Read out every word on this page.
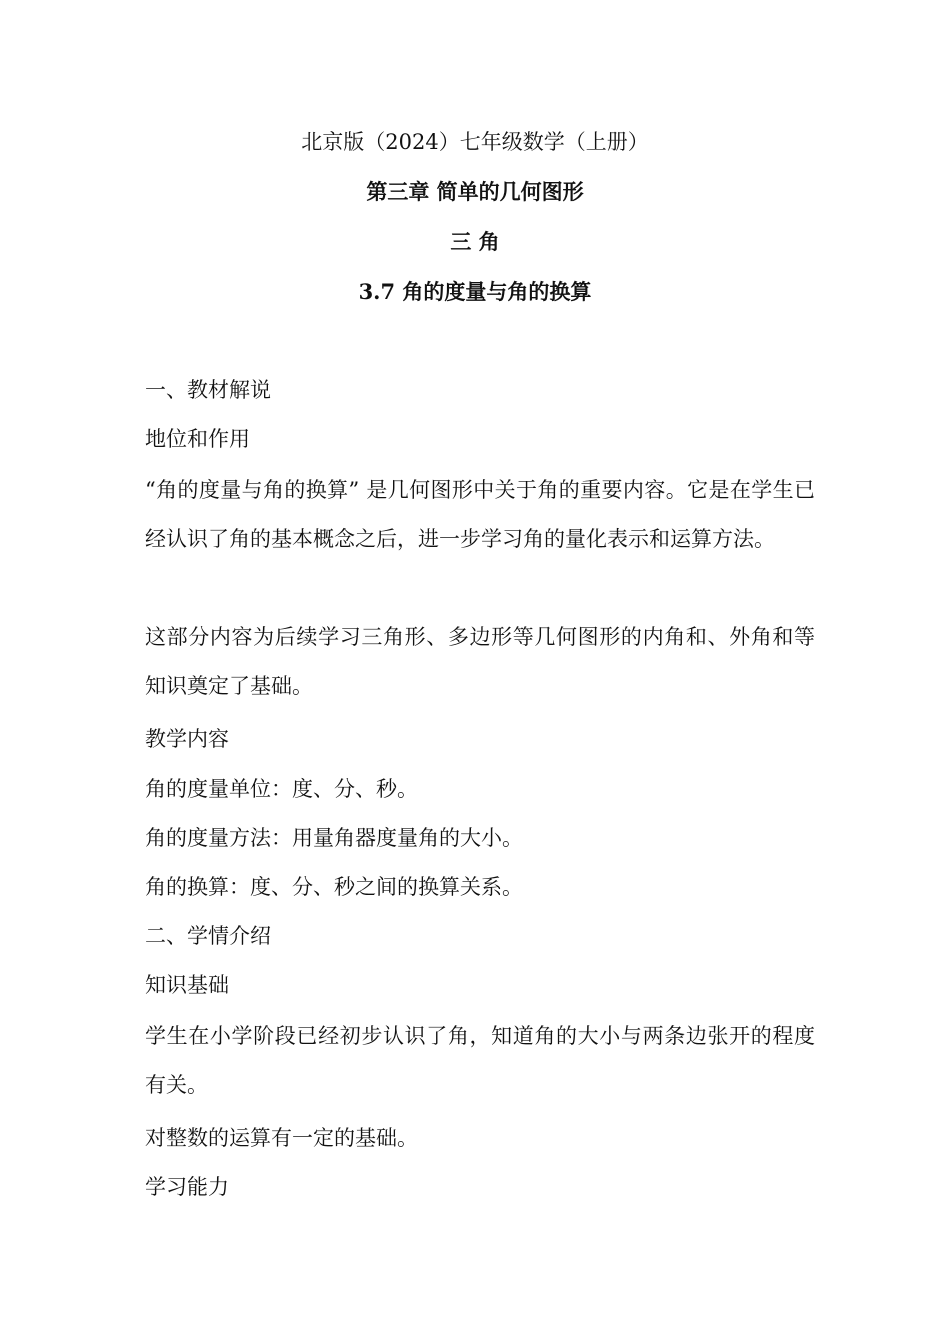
北京版（2024）七年级数学（上册）
第三章 简单的几何图形
三 角
3.7 角的度量与角的换算
一、教材解说
地位和作用
“角的度量与角的换算” 是几何图形中关于角的重要内容。它是在学生已经认识了角的基本概念之后，进一步学习角的量化表示和运算方法。
这部分内容为后续学习三角形、多边形等几何图形的内角和、外角和等知识奠定了基础。
教学内容
角的度量单位：度、分、秒。
角的度量方法：用量角器度量角的大小。
角的换算：度、分、秒之间的换算关系。
二、学情介绍
知识基础
学生在小学阶段已经初步认识了角，知道角的大小与两条边张开的程度有关。
对整数的运算有一定的基础。
学习能力
